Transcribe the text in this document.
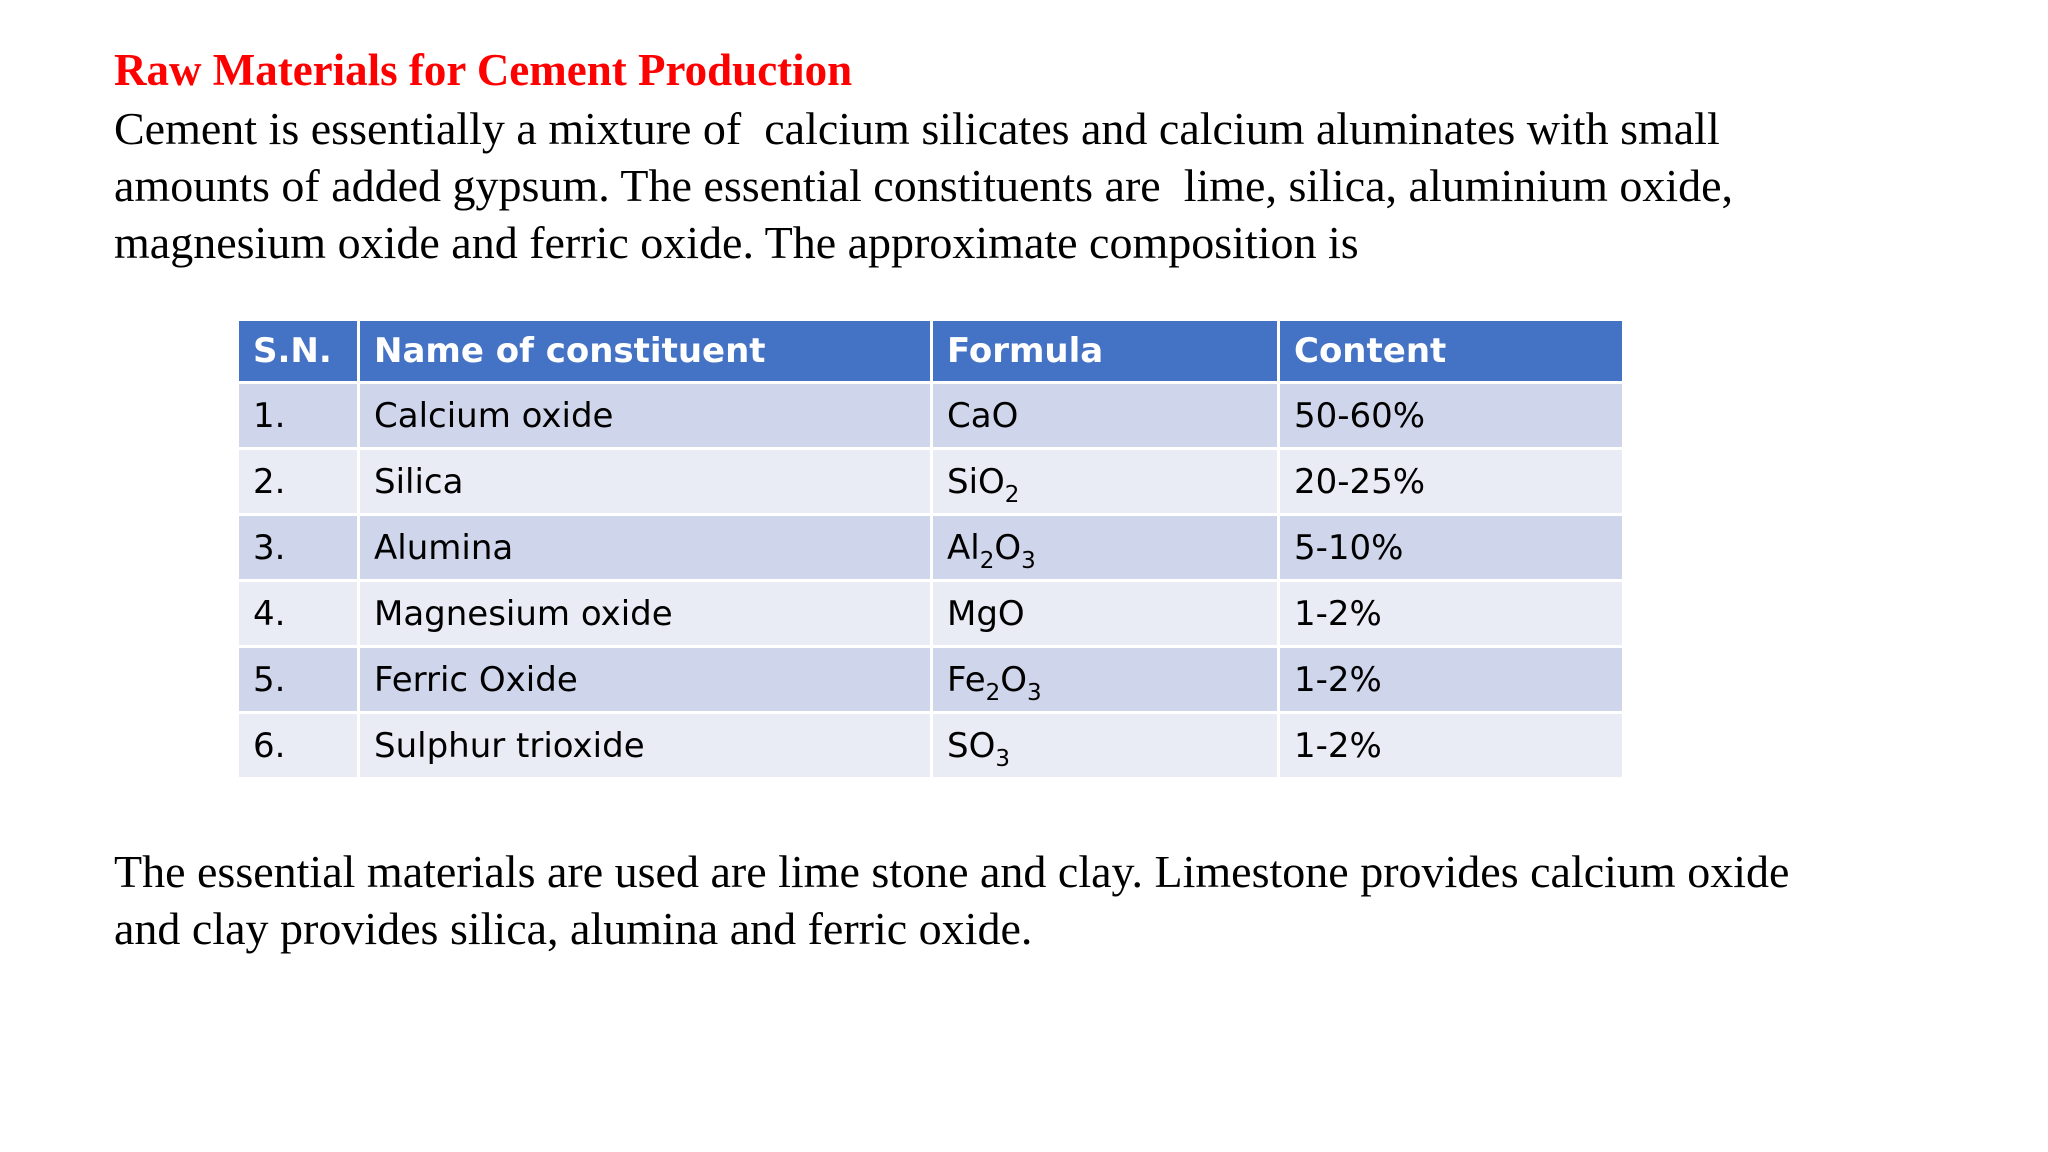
Raw Materials for Cement Production
Cement is essentially a mixture of  calcium silicates and calcium aluminates with small
amounts of added gypsum. The essential constituents are  lime, silica, aluminium oxide,
magnesium oxide and ferric oxide. The approximate composition is
S.N.	Name of constituent	Formula	Content
1.	Calcium oxide	CaO	50-60%
2.	Silica	SiO$_2$	20-25%
3.	Alumina	$Al_2O_3$	5-10%
4.	Magnesium oxide	MgO	1-2%
5.	Ferric Oxide	$Fe_2O_3$	1-2%
6.	Sulphur trioxide	$SO_3$	1-2%
The essential materials are used are lime stone and clay. Limestone provides calcium oxide
and clay provides silica, alumina and ferric oxide.
